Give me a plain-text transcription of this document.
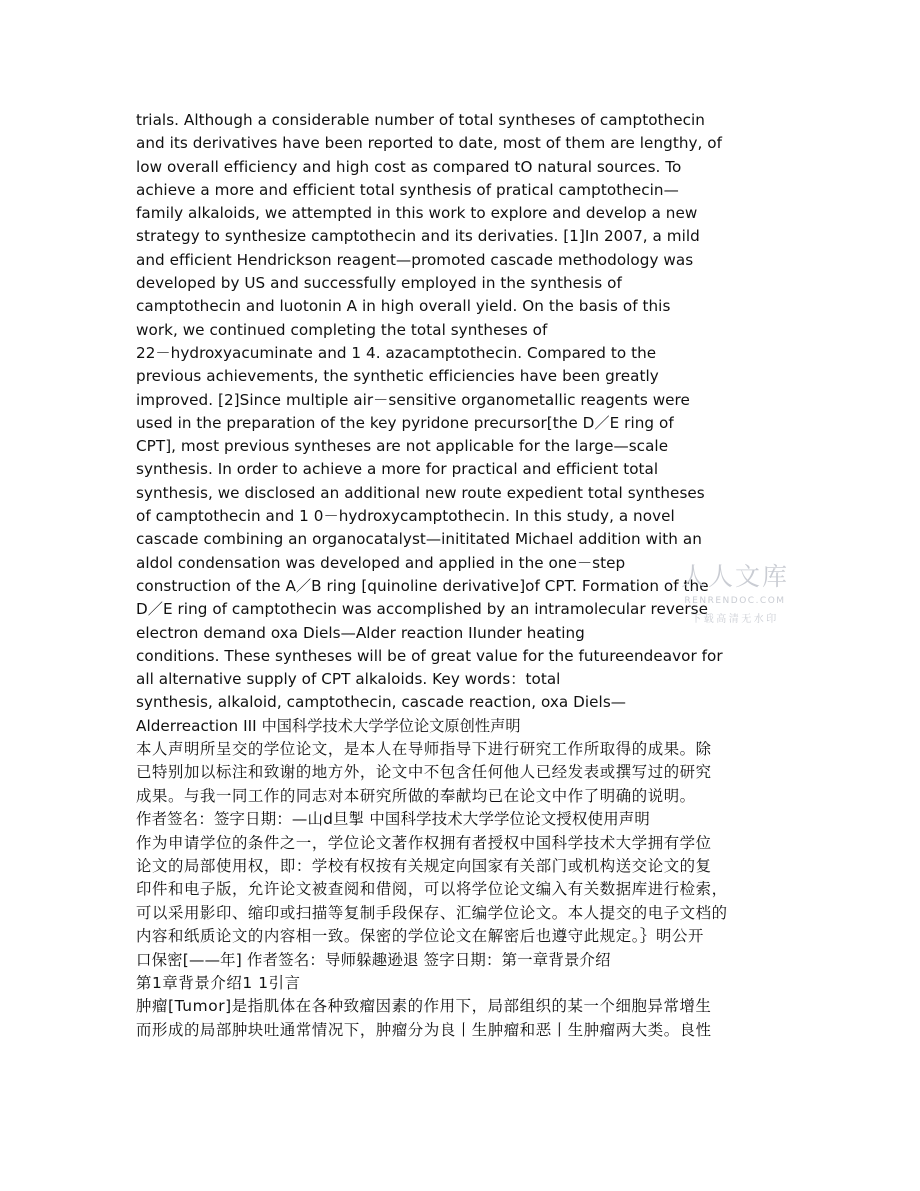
trials. Although a considerable number of total syntheses of camptothecin
and its derivatives have been reported to date, most of them are lengthy, of
low overall efficiency and high cost as compared tO natural sources. To
achieve a more and efficient total synthesis of pratical camptothecin—
family alkaloids, we attempted in this work to explore and develop a new
strategy to synthesize camptothecin and its derivaties. [1]In 2007, a mild
and efficient Hendrickson reagent—promoted cascade methodology was
developed by US and successfully employed in the synthesis of
camptothecin and luotonin A in high overall yield. On the basis of this
work, we continued completing the total syntheses of
22－hydroxyacuminate and 1 4. azacamptothecin. Compared to the
previous achievements, the synthetic efficiencies have been greatly
improved. [2]Since multiple air－sensitive organometallic reagents were
used in the preparation of the key pyridone precursor[the D／E ring of
CPT], most previous syntheses are not applicable for the large—scale
synthesis. In order to achieve a more for practical and efficient total
synthesis, we disclosed an additional new route expedient total syntheses
of camptothecin and 1 0－hydroxycamptothecin. In this study, a novel
cascade combining an organocatalyst—inititated Michael addition with an
aldol condensation was developed and applied in the one－step
construction of the A／B ring [quinoline derivative]of CPT. Formation of the
D／E ring of camptothecin was accomplished by an intramolecular reverse
electron demand oxa Diels—Alder reaction IIunder heating
conditions. These syntheses will be of great value for the futureendeavor for
all alternative supply of CPT alkaloids. Key words：total
synthesis, alkaloid, camptothecin, cascade reaction, oxa Diels—
Alderreaction III 中国科学技术大学学位论文原创性声明
本人声明所呈交的学位论文，是本人在导师指导下进行研究工作所取得的成果。除
已特别加以标注和致谢的地方外，论文中不包含任何他人已经发表或撰写过的研究
成果。与我一同工作的同志对本研究所做的奉献均已在论文中作了明确的说明。
作者签名：签字日期：—山d旦掣 中国科学技术大学学位论文授权使用声明
作为申请学位的条件之一，学位论文著作权拥有者授权中国科学技术大学拥有学位
论文的局部使用权，即：学校有权按有关规定向国家有关部门或机构送交论文的复
印件和电子版，允许论文被查阅和借阅，可以将学位论文编入有关数据库进行检索，
可以采用影印、缩印或扫描等复制手段保存、汇编学位论文。本人提交的电子文档的
内容和纸质论文的内容相一致。保密的学位论文在解密后也遵守此规定。｝明公开
口保密[——年] 作者签名：导师躲趣逊退 签字日期：第一章背景介绍
第1章背景介绍1 1引言
肿瘤[Tumor]是指肌体在各种致瘤因素的作用下，局部组织的某一个细胞异常增生
而形成的局部肿块吐通常情况下，肿瘤分为良丨生肿瘤和恶丨生肿瘤两大类。良性
人人文库
RENRENDOC.COM
下载高清无水印
